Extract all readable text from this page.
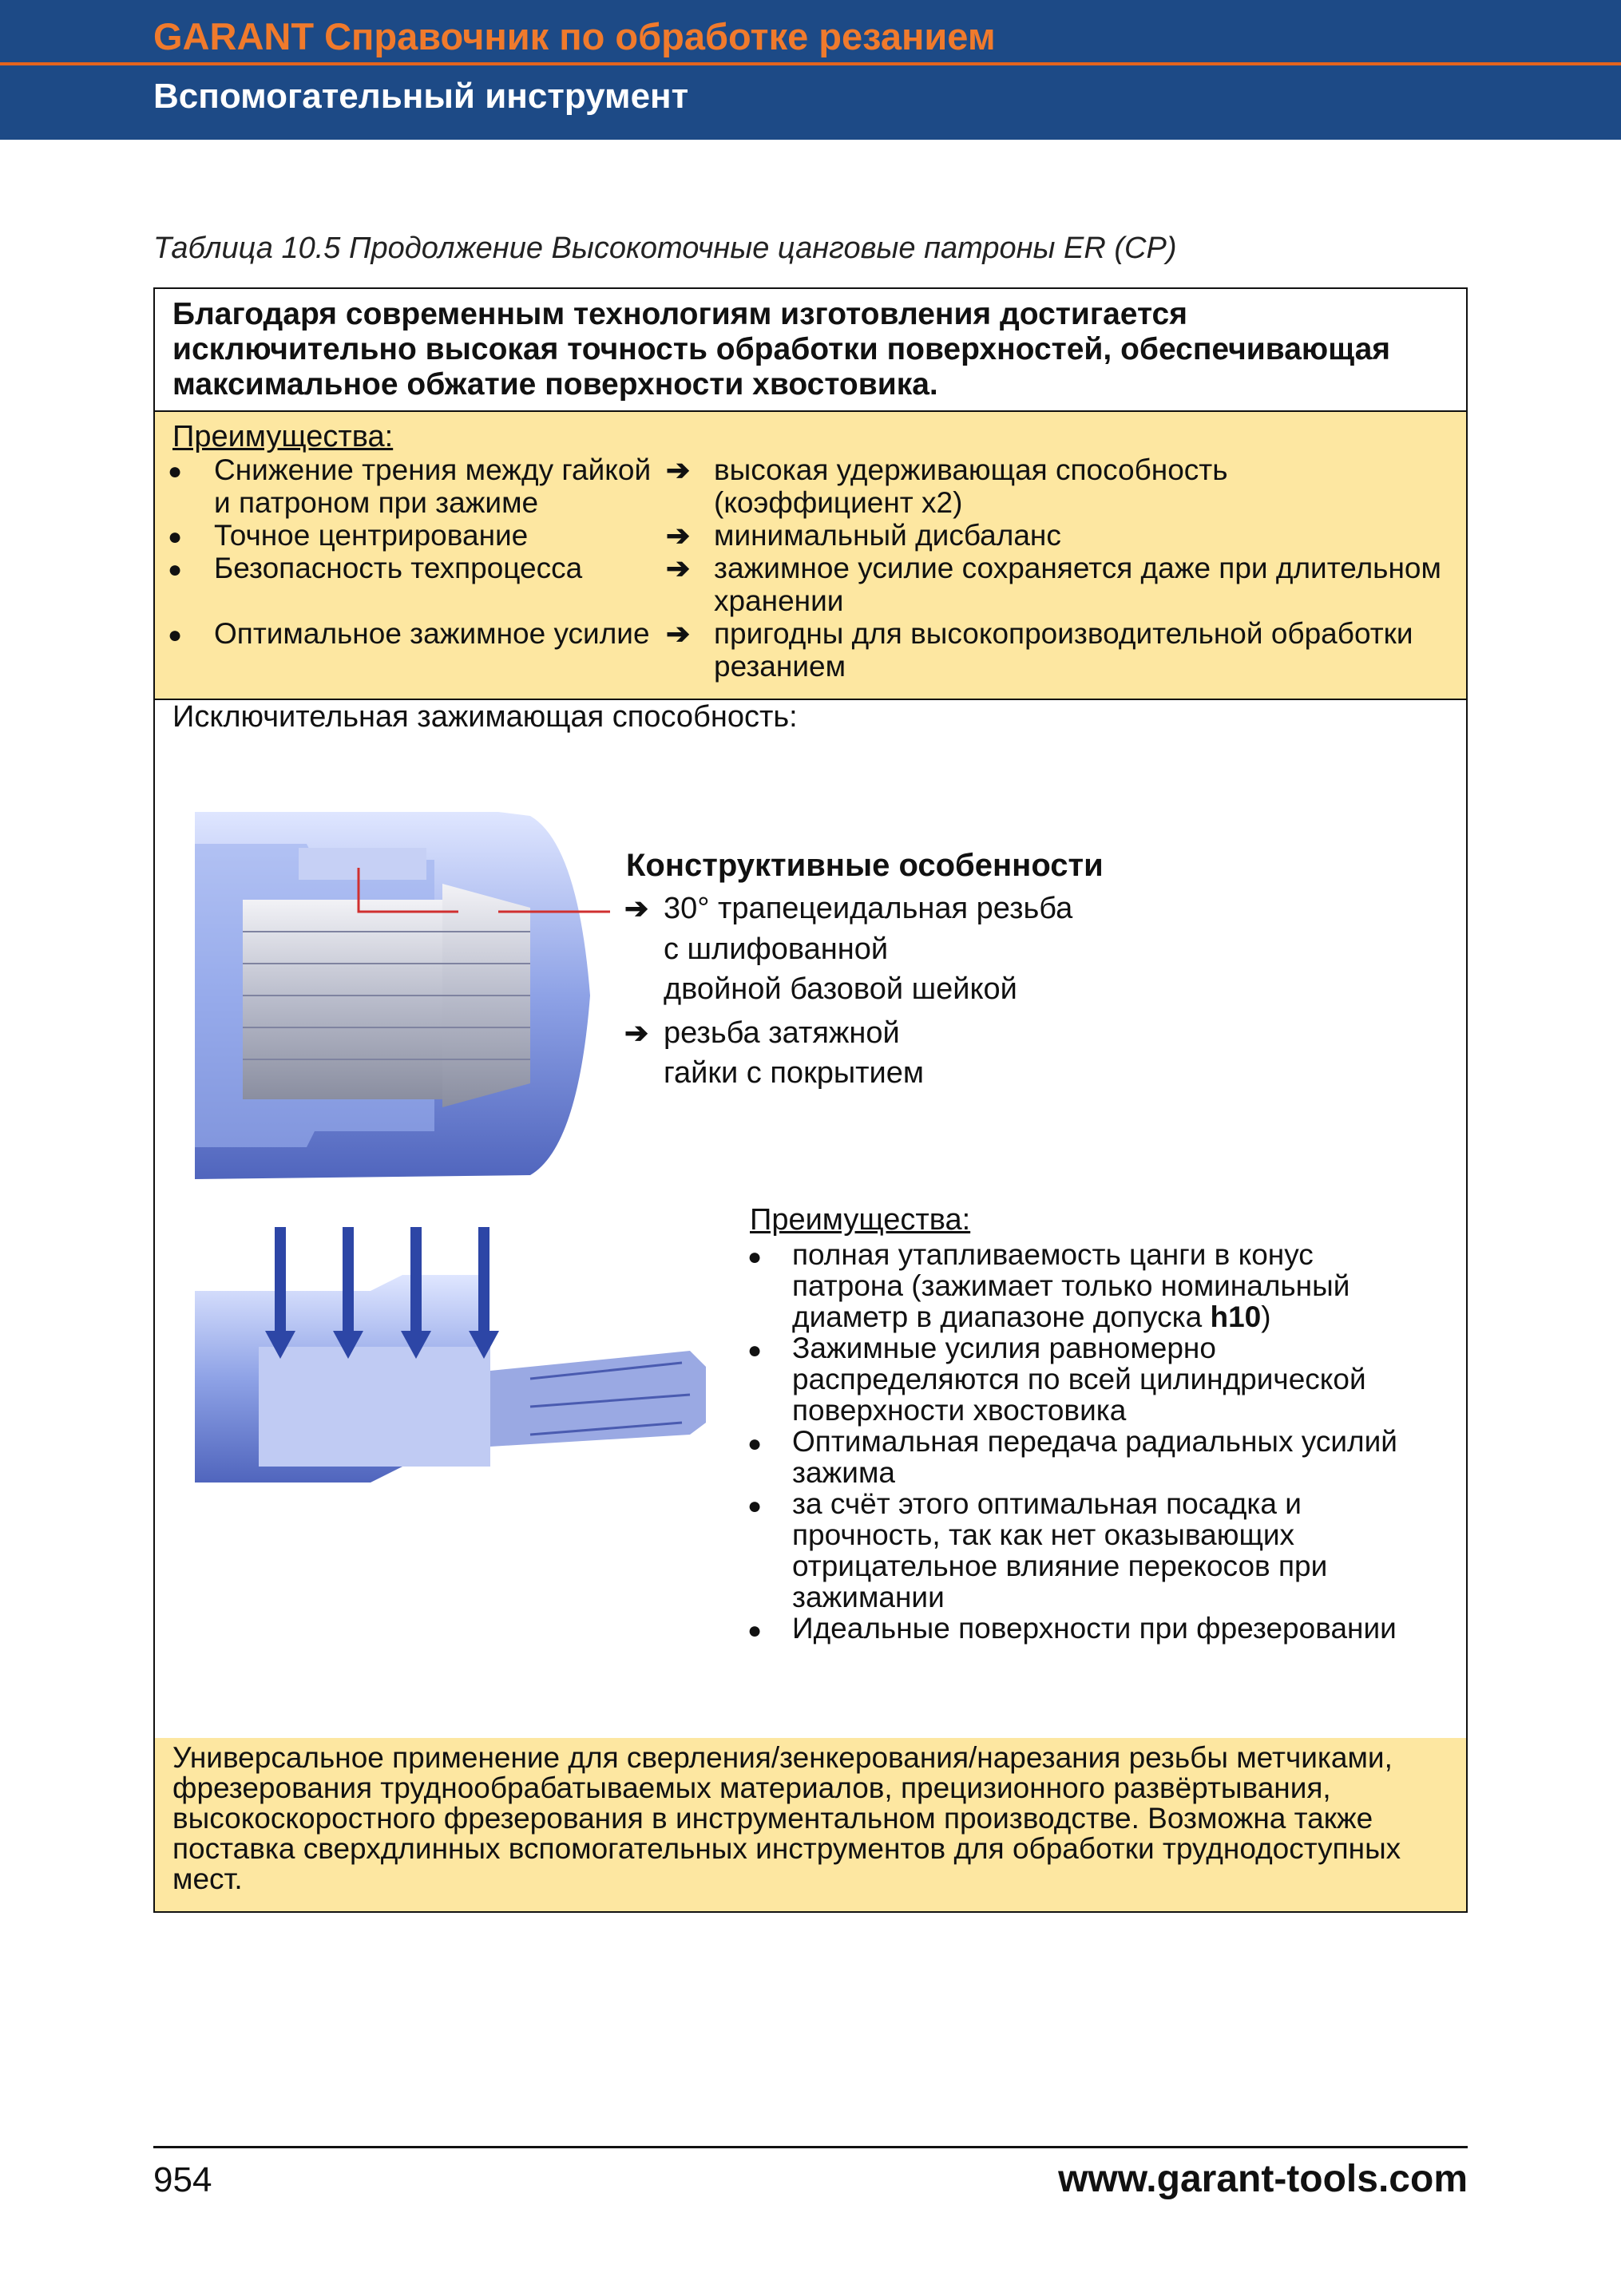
GARANT Справочник по обработке резанием
Вспомогательный инструмент
Таблица 10.5 Продолжение Высокоточные цанговые патроны ER (CP)
Благодаря современным технологиям изготовления достигается
исключительно высокая точность обработки поверхностей, обеспечивающая
максимальное обжатие поверхности хвостовика.
Преимущества:
● Снижение трения между гайкой
и патроном при зажиме
➔ высокая удерживающая способность
(коэффициент x2)
● Точное центрирование	➔ минимальный дисбаланс
● Безопасность техпроцесса	➔ зажимное усилие сохраняется даже при длительном
хранении
● Оптимальное зажимное усилие ➔ пригодны для высокопроизводительной обработки
резанием
Исключительная зажимающая способность:
Конструктивные особенности
➔ 30° трапецеидальная резьба
с шлифованной
двойной базовой шейкой
➔ резьба затяжной
гайки с покрытием
Преимущества:
● полная утапливаемость цанги в конус
патрона (зажимает только номинальный
диаметр в диапазоне допуска h10)
● Зажимные усилия равномерно
распределяются по всей цилиндрической
поверхности хвостовика
● Оптимальная передача радиальных усилий
зажима
● за счёт этого оптимальная посадка и
прочность, так как нет оказывающих
отрицательное влияние перекосов при
зажимании
● Идеальные поверхности при фрезеровании
Универсальное применение для сверления/зенкерования/нарезания резьбы метчиками,
фрезерования труднообрабатываемых материалов, прецизионного развёртывания,
высокоскоростного фрезерования в инструментальном производстве. Возможна также
поставка сверхдлинных вспомогательных инструментов для обработки труднодоступных
мест.
954	www.garant-tools.com
